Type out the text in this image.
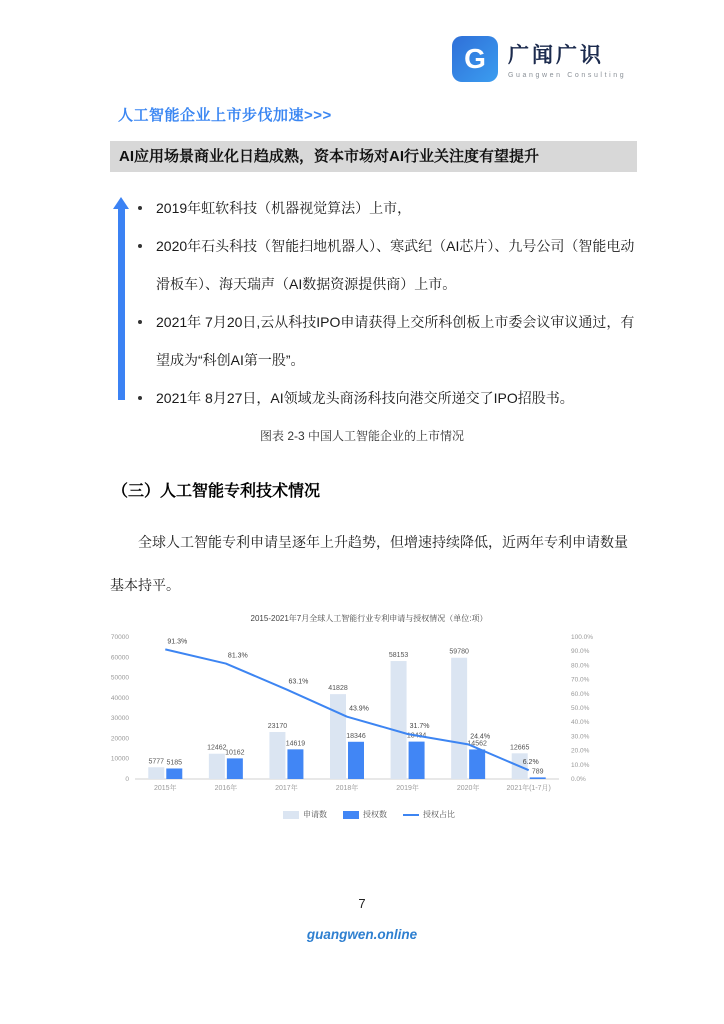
G	广闻广识
Guangwen Consulting
人工智能企业上市步伐加速>>>
AI应用场景商业化日趋成熟，资本市场对AI行业关注度有望提升
2019年虹软科技（机器视觉算法）上市，
2020年石头科技（智能扫地机器人）、寒武纪（AI芯片）、九号公司（智能电动滑板车）、海天瑞声（AI数据资源提供商）上市。
2021年 7月20日,云从科技IPO申请获得上交所科创板上市委会议审议通过，有望成为“科创AI第一股”。
2021年 8月27日，AI领域龙头商汤科技向港交所递交了IPO招股书。
图表 2-3 中国人工智能企业的上市情况
（三）人工智能专利技术情况
全球人工智能专利申请呈逐年上升趋势，但增速持续降低，近两年专利申请数量基本持平。
2015-2021年7月全球人工智能行业专利申请与授权情况（单位:项）
0
10000
20000
30000
40000
50000
60000
70000
0.0%
10.0%
20.0%
30.0%
40.0%
50.0%
60.0%
70.0%
80.0%
90.0%
100.0%
5777 5185
2015年
12462
10162
2016年
23170
14619
2017年
41828
18346
2018年
58153
18434
2019年
59780
14562
2020年
12665
789
2021年(1-7月)
91.3%
81.3%
63.1%
43.9%
31.7%
24.4%
6.2%
申请数	授权数	授权占比
7
guangwen.online
